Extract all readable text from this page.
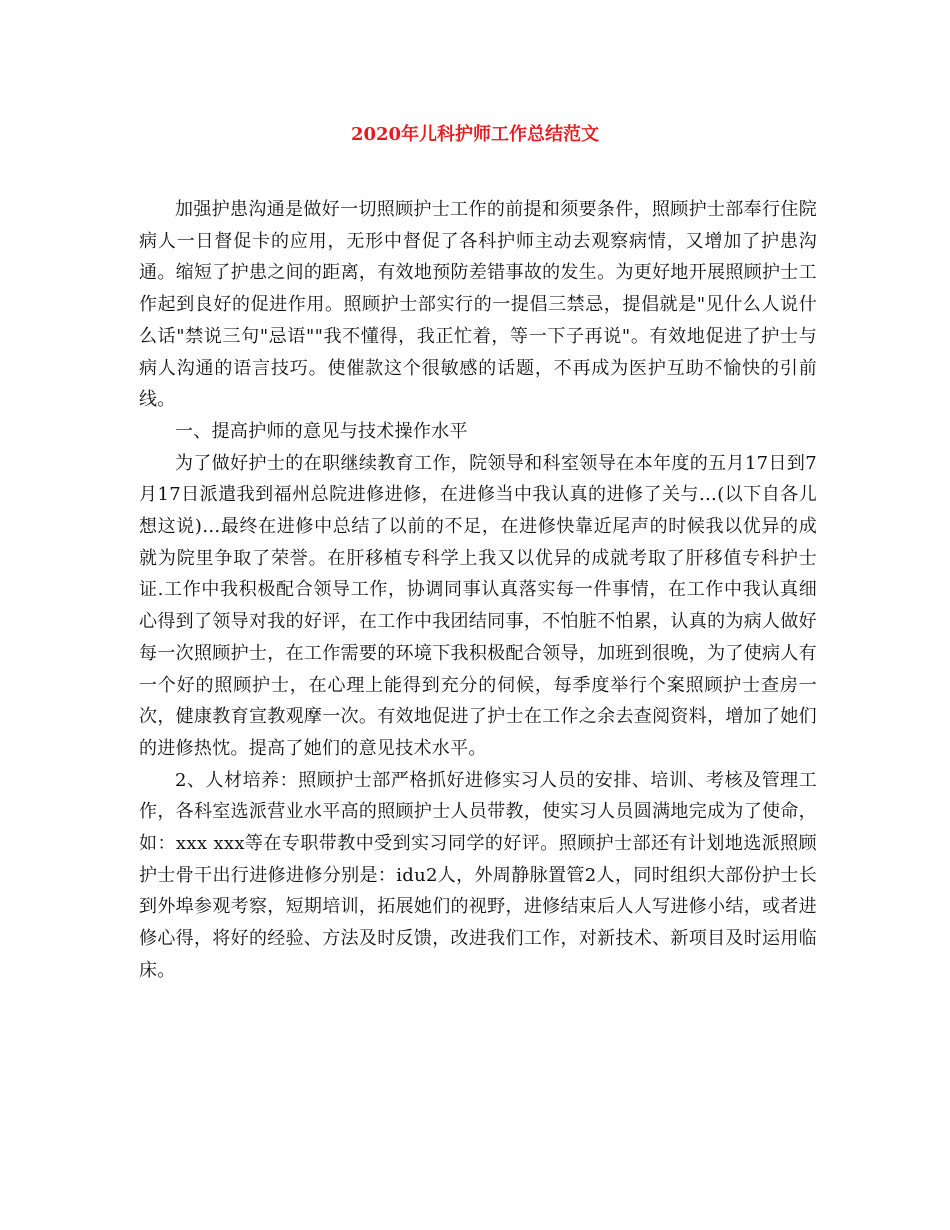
2020年儿科护师工作总结范文

加强护患沟通是做好一切照顾护士工作的前提和须要条件，照顾护士部奉行住院病人一日督促卡的应用，无形中督促了各科护师主动去观察病情，又增加了护患沟通。缩短了护患之间的距离，有效地预防差错事故的发生。为更好地开展照顾护士工作起到良好的促进作用。照顾护士部实行的一提倡三禁忌，提倡就是"见什么人说什么话"禁说三句"忌语""我不懂得，我正忙着，等一下子再说"。有效地促进了护士与病人沟通的语言技巧。使催款这个很敏感的话题，不再成为医护互助不愉快的引前线。

一、提高护师的意见与技术操作水平

为了做好护士的在职继续教育工作，院领导和科室领导在本年度的五月17日到7月17日派遣我到福州总院进修进修，在进修当中我认真的进修了关与…(以下自各儿想这说)…最终在进修中总结了以前的不足，在进修快靠近尾声的时候我以优异的成就为院里争取了荣誉。在肝移植专科学上我又以优异的成就考取了肝移值专科护士证.工作中我积极配合领导工作，协调同事认真落实每一件事情，在工作中我认真细心得到了领导对我的好评，在工作中我团结同事，不怕脏不怕累，认真的为病人做好每一次照顾护士，在工作需要的环境下我积极配合领导，加班到很晚，为了使病人有一个好的照顾护士，在心理上能得到充分的伺候，每季度举行个案照顾护士查房一次，健康教育宣教观摩一次。有效地促进了护士在工作之余去查阅资料，增加了她们的进修热忱。提高了她们的意见技术水平。

2、人材培养：照顾护士部严格抓好进修实习人员的安排、培训、考核及管理工作，各科室选派营业水平高的照顾护士人员带教，使实习人员圆满地完成为了使命，如：xxx xxx等在专职带教中受到实习同学的好评。照顾护士部还有计划地选派照顾护士骨干出行进修进修分别是：idu2人，外周静脉置管2人，同时组织大部份护士长到外埠参观考察，短期培训，拓展她们的视野，进修结束后人人写进修小结，或者进修心得，将好的经验、方法及时反馈，改进我们工作，对新技术、新项目及时运用临床。
